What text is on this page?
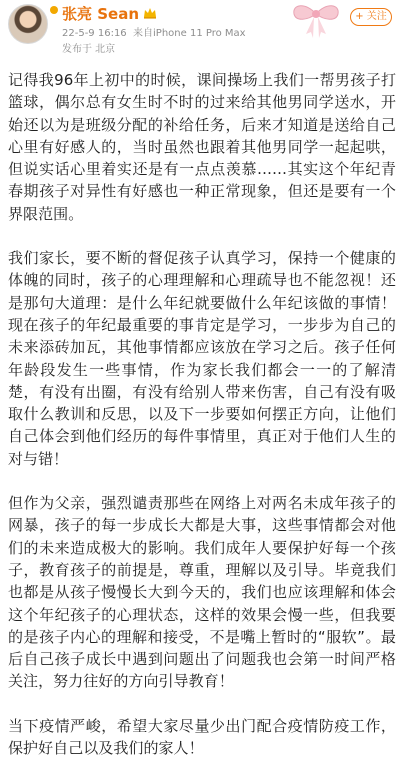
张亮 Sean
22-5-9 16:16 来自iPhone 11 Pro Max
发布于 北京
+ 关注

记得我96年上初中的时候，课间操场上我们一帮男孩子打篮球，偶尔总有女生时不时的过来给其他男同学送水，开始还以为是班级分配的补给任务，后来才知道是送给自己心里有好感人的，当时虽然也跟着其他男同学一起起哄，但说实话心里着实还是有一点点羡慕……其实这个年纪青春期孩子对异性有好感也一种正常现象，但还是要有一个界限范围。

我们家长，要不断的督促孩子认真学习，保持一个健康的体魄的同时，孩子的心理理解和心理疏导也不能忽视！还是那句大道理：是什么年纪就要做什么年纪该做的事情！现在孩子的年纪最重要的事肯定是学习，一步步为自己的未来添砖加瓦，其他事情都应该放在学习之后。孩子任何年龄段发生一些事情，作为家长我们都会一一的了解清楚，有没有出圈，有没有给别人带来伤害，自己有没有吸取什么教训和反思，以及下一步要如何摆正方向，让他们自己体会到他们经历的每件事情里，真正对于他们人生的对与错！

但作为父亲，强烈谴责那些在网络上对两名未成年孩子的网暴，孩子的每一步成长大都是大事，这些事情都会对他们的未来造成极大的影响。我们成年人要保护好每一个孩子，教育孩子的前提是，尊重，理解以及引导。毕竟我们也都是从孩子慢慢长大到今天的，我们也应该理解和体会这个年纪孩子的心理状态，这样的效果会慢一些，但我要的是孩子内心的理解和接受，不是嘴上暂时的“服软”。最后自己孩子成长中遇到问题出了问题我也会第一时间严格关注，努力往好的方向引导教育！

当下疫情严峻，希望大家尽量少出门配合疫情防疫工作，保护好自己以及我们的家人！
